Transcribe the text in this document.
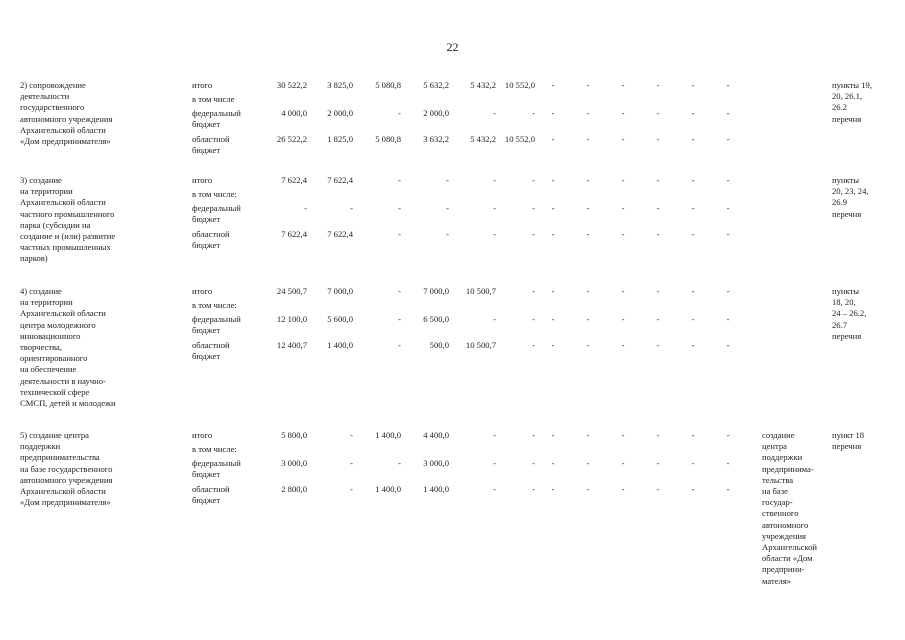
22
2) сопровождение
деятельности
государственного
автономного учреждения
Архангельской области
«Дом предпринимателя»
итого	30 522,2	3 825,0	5 080,8	5 632,2	5 432,2	10 552,0	-	-	-	-	-	-
в том числе
федеральный
бюджет
4 000,0	2 000,0	-	2 000,0	-	-	-	-	-	-	-	-
областной
бюджет
26 522,2	1 825,0	5 080,8	3 632,2	5 432,2	10 552,0	-	-	-	-	-	-
пункты 19,
20, 26.1,
26.2
перечня
3) создание
на территории
Архангельской области
частного промышленного
парка (субсидии на
создание и (или) развитие
частных промышленных
парков)
итого	7 622,4	7 622,4	-	-	-	-	-	-	-	-	-	-
в том числе:
федеральный
бюджет
-	-	-	-	-	-	-	-	-	-	-	-
областной
бюджет
7 622,4	7 622,4	-	-	-	-	-	-	-	-	-	-
пункты
20, 23, 24,
26.9
перечня
4) создание
на территории
Архангельской области
центра молодежного
инновационного
творчества,
ориентированного
на обеспечение
деятельности в научно-
технической сфере
СМСП, детей и молодежи
итого	24 500,7	7 000,0	-	7 000,0	10 500,7	-	-	-	-	-	-	-
в том числе:
федеральный
бюджет
12 100,0	5 600,0	-	6 500,0	-	-	-	-	-	-	-	-
областной
бюджет
12 400,7	1 400,0	-	500,0	10 500,7	-	-	-	-	-	-	-
пункты
18, 20,
24 – 26.2,
26.7
перечня
5) создание центра
поддержки
предпринимательства
на базе государственного
автономного учреждения
Архангельской области
«Дом предпринимателя»
итого	5 800,0	-	1 400,0	4 400,0	-	-	-	-	-	-	-	-
в том числе:
федеральный
бюджет
3 000,0	-	-	3 000,0	-	-	-	-	-	-	-	-
областной
бюджет
2 800,0	-	1 400,0	1 400,0	-	-	-	-	-	-	-	-
создание
центра
поддержки
предпринима-
тельства
на базе
государ-
ственного
автономного
учреждения
Архангельской
области «Дом
предприни-
мателя»
пункт 18
перечня
